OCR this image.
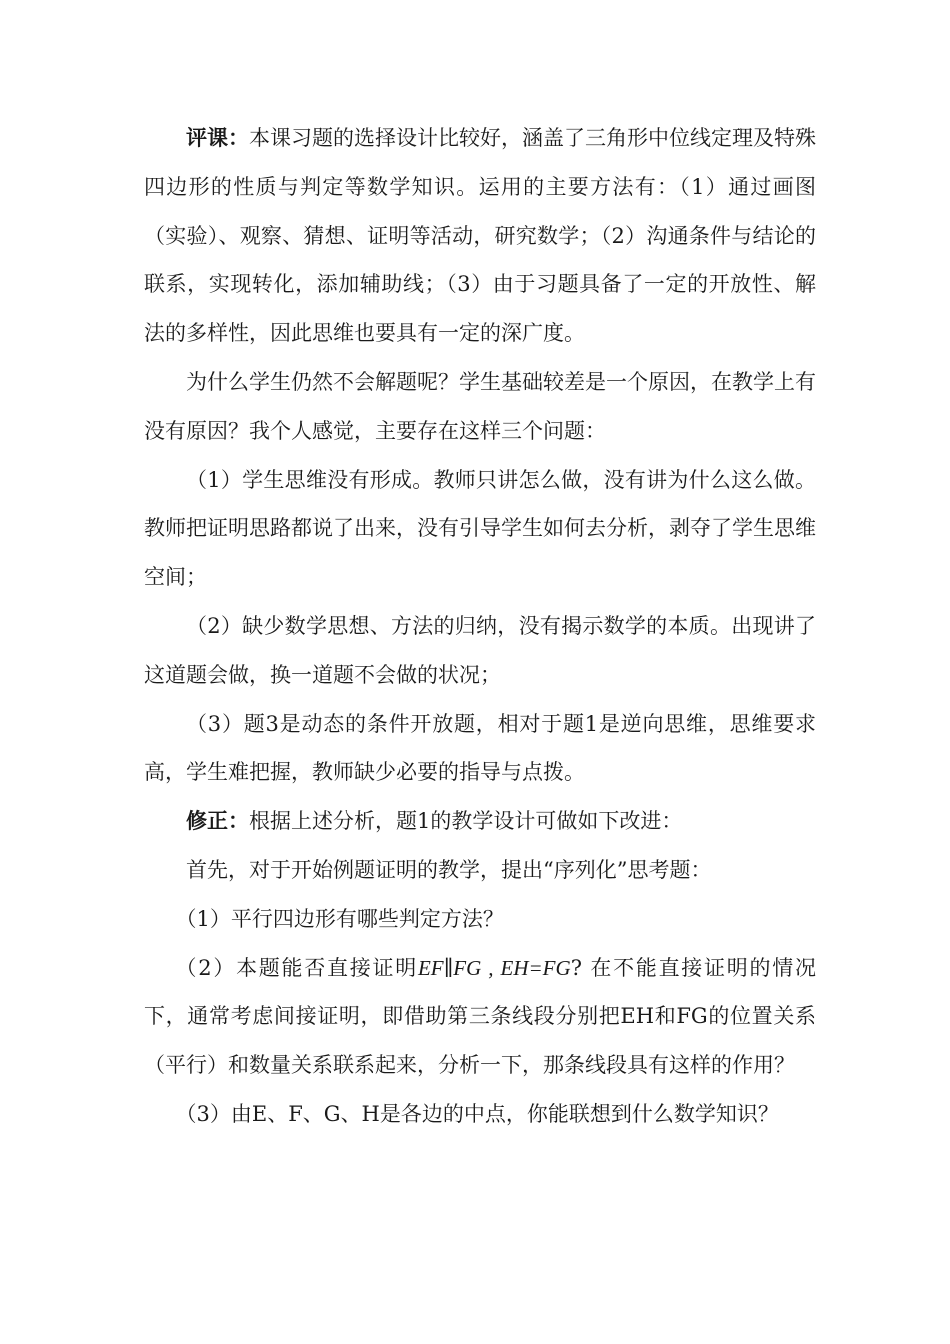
评课：本课习题的选择设计比较好，涵盖了三角形中位线定理及特殊四边形的性质与判定等数学知识。运用的主要方法有：（1）通过画图（实验）、观察、猜想、证明等活动，研究数学；（2）沟通条件与结论的联系，实现转化，添加辅助线；（3）由于习题具备了一定的开放性、解法的多样性，因此思维也要具有一定的深广度。

为什么学生仍然不会解题呢？学生基础较差是一个原因，在教学上有没有原因？我个人感觉，主要存在这样三个问题：

（1）学生思维没有形成。教师只讲怎么做，没有讲为什么这么做。教师把证明思路都说了出来，没有引导学生如何去分析，剥夺了学生思维空间；

（2）缺少数学思想、方法的归纳，没有揭示数学的本质。出现讲了这道题会做，换一道题不会做的状况；

（3）题3是动态的条件开放题，相对于题1是逆向思维，思维要求高，学生难把握，教师缺少必要的指导与点拨。

修正：根据上述分析，题1的教学设计可做如下改进：

首先，对于开始例题证明的教学，提出“序列化”思考题：

（1）平行四边形有哪些判定方法？

（2）本题能否直接证明EF∥FG , EH=FG? 在不能直接证明的情况下，通常考虑间接证明，即借助第三条线段分别把EH和FG的位置关系（平行）和数量关系联系起来，分析一下，那条线段具有这样的作用？

（3）由E、F、G、H是各边的中点，你能联想到什么数学知识？
